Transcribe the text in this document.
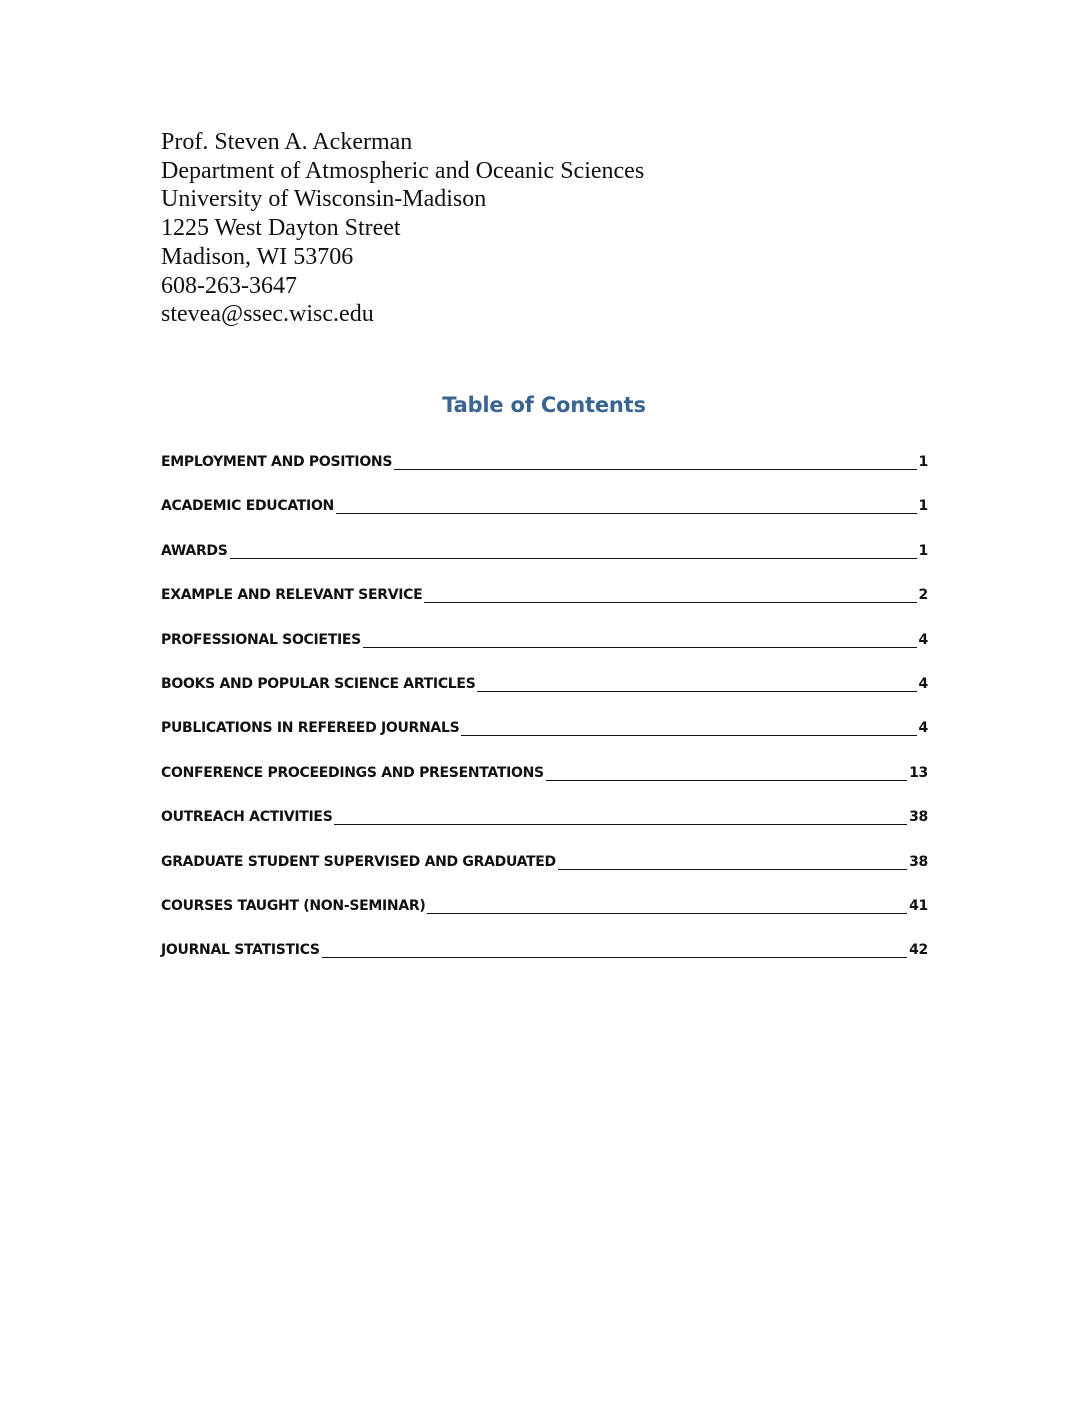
Prof. Steven A. Ackerman
Department of Atmospheric and Oceanic Sciences
University of Wisconsin-Madison
1225 West Dayton Street
Madison, WI 53706
608-263-3647
stevea@ssec.wisc.edu
Table of Contents
EMPLOYMENT AND POSITIONS	1
ACADEMIC EDUCATION	1
AWARDS	1
EXAMPLE AND RELEVANT SERVICE	2
PROFESSIONAL SOCIETIES	4
BOOKS AND POPULAR SCIENCE ARTICLES	4
PUBLICATIONS IN REFEREED JOURNALS	4
CONFERENCE PROCEEDINGS AND PRESENTATIONS	13
OUTREACH ACTIVITIES	38
GRADUATE STUDENT SUPERVISED AND GRADUATED	38
COURSES TAUGHT (NON-SEMINAR)	41
JOURNAL STATISTICS	42
